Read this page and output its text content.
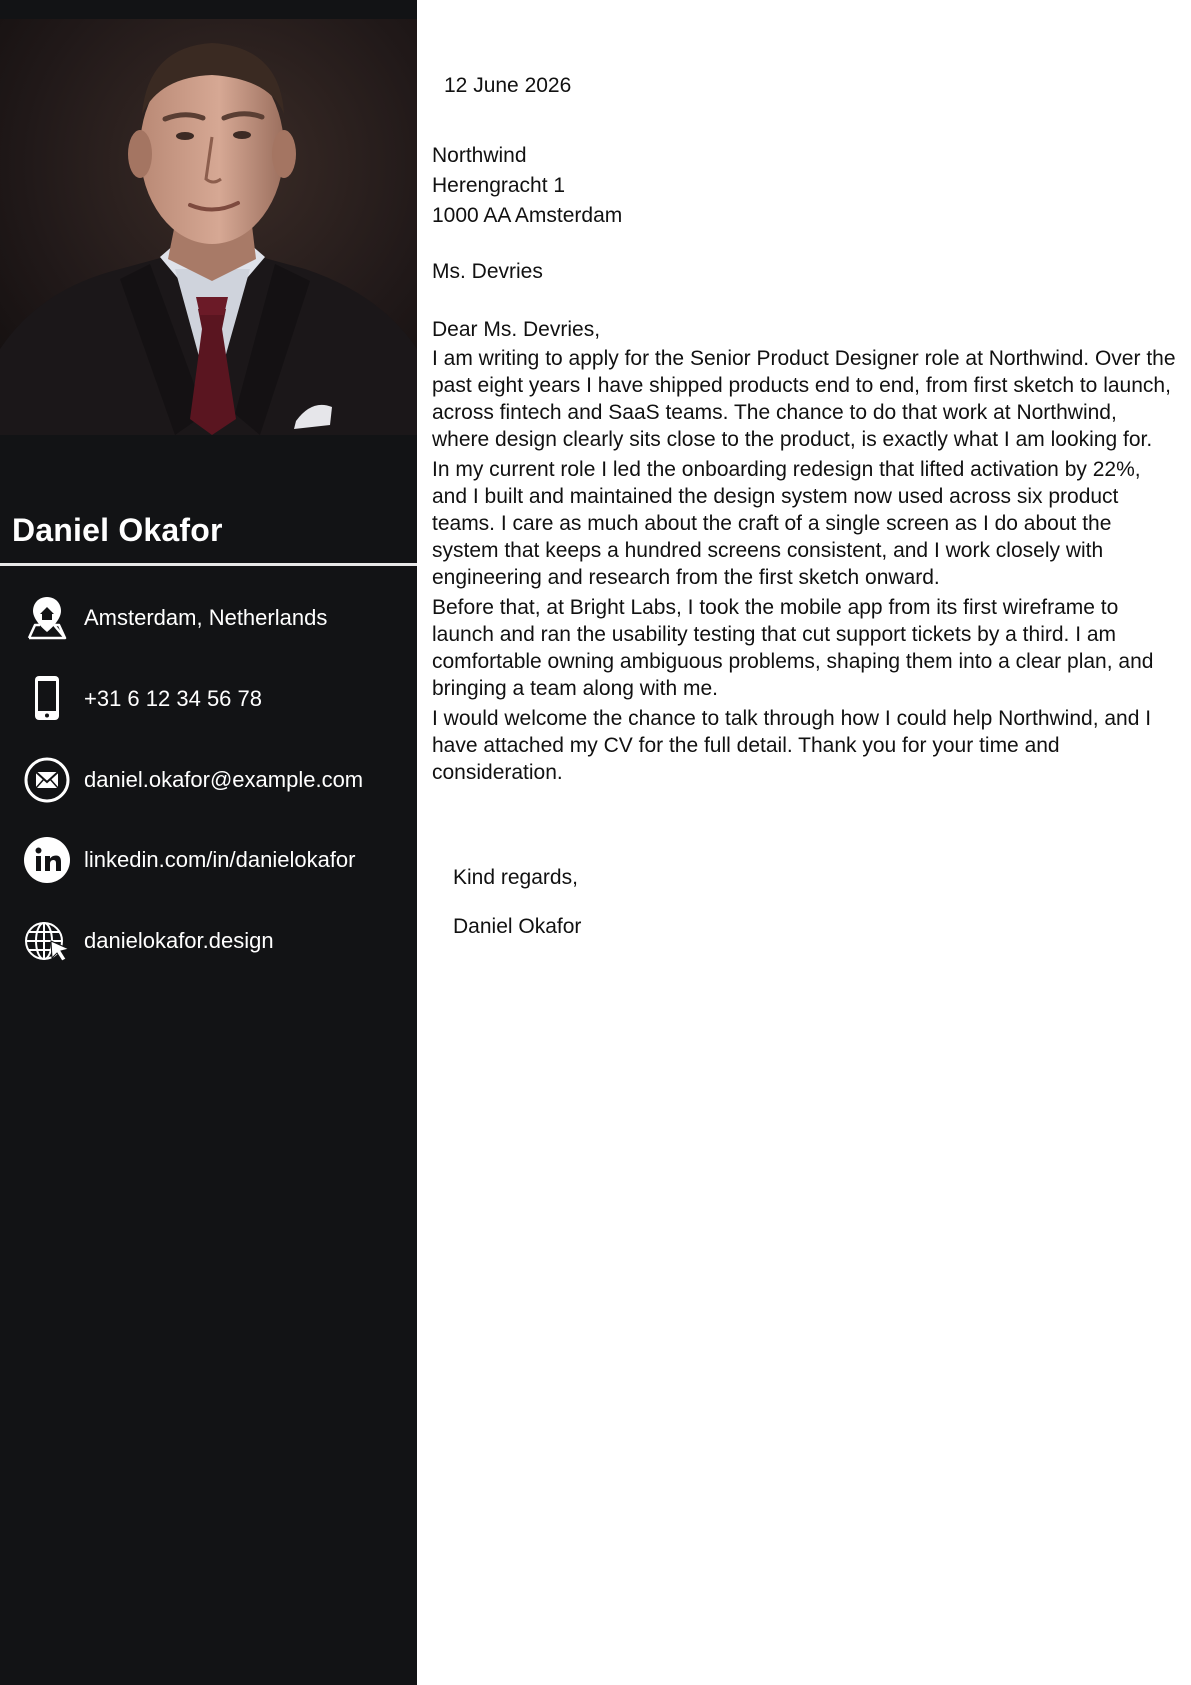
Daniel Okafor
Amsterdam, Netherlands
+31 6 12 34 56 78
daniel.okafor@example.com
linkedin.com/in/danielokafor
danielokafor.design
12 June 2026
Northwind
Herengracht 1
1000 AA Amsterdam
Ms. Devries
Dear Ms. Devries,

I am writing to apply for the Senior Product Designer role at Northwind. Over the past eight years I have shipped products end to end, from first sketch to launch, across fintech and SaaS teams. The chance to do that work at Northwind, where design clearly sits close to the product, is exactly what I am looking for.

In my current role I led the onboarding redesign that lifted activation by 22%, and I built and maintained the design system now used across six product teams. I care as much about the craft of a single screen as I do about the system that keeps a hundred screens consistent, and I work closely with engineering and research from the first sketch onward.

Before that, at Bright Labs, I took the mobile app from its first wireframe to launch and ran the usability testing that cut support tickets by a third. I am comfortable owning ambiguous problems, shaping them into a clear plan, and bringing a team along with me.

I would welcome the chance to talk through how I could help Northwind, and I have attached my CV for the full detail. Thank you for your time and consideration.

Kind regards,
Daniel Okafor
